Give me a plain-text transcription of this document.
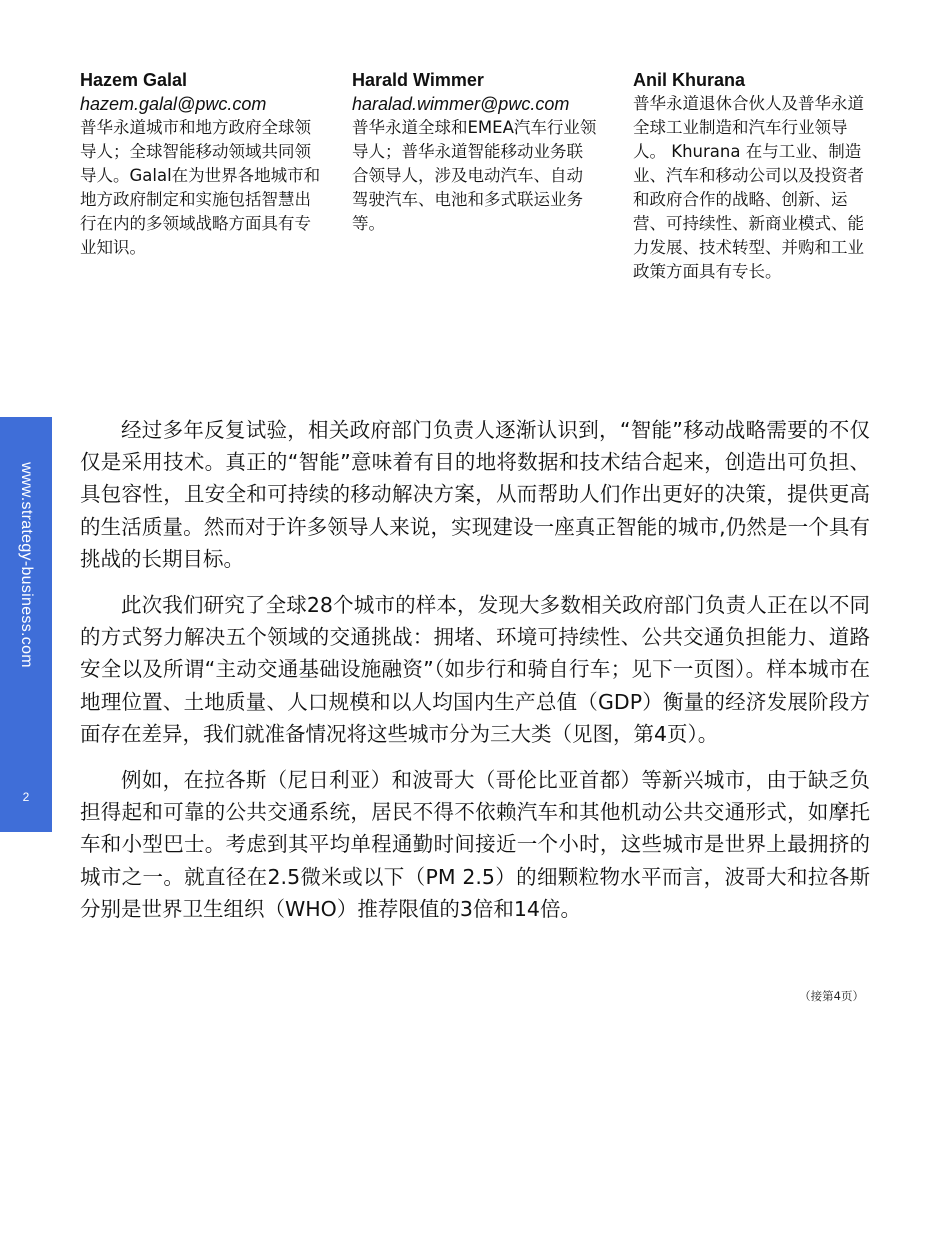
Hazem Galal

hazem.galal@pwc.com

普华永道城市和地方政府全球领导人；全球智能移动领域共同领导人。Galal在为世界各地城市和地方政府制定和实施包括智慧出行在内的多领域战略方面具有专业知识。

Harald Wimmer

haralad.wimmer@pwc.com

普华永道全球和EMEA汽车行业领导人；普华永道智能移动业务联合领导人，涉及电动汽车、自动驾驶汽车、电池和多式联运业务等。

Anil Khurana

普华永道退休合伙人及普华永道全球工业制造和汽车行业领导人。 Khurana 在与工业、制造业、汽车和移动公司以及投资者和政府合作的战略、创新、运营、可持续性、新商业模式、能力发展、技术转型、并购和工业政策方面具有专长。

www.strategy-business.com
2

经过多年反复试验，相关政府部门负责人逐渐认识到，“智能”移动战略需要的不仅仅是采用技术。真正的“智能”意味着有目的地将数据和技术结合起来，创造出可负担、具包容性，且安全和可持续的移动解决方案，从而帮助人们作出更好的决策，提供更高的生活质量。然而对于许多领导人来说，实现建设一座真正智能的城市,仍然是一个具有挑战的长期目标。

此次我们研究了全球28个城市的样本，发现大多数相关政府部门负责人正在以不同的方式努力解决五个领域的交通挑战：拥堵、环境可持续性、公共交通负担能力、道路安全以及所谓“主动交通基础设施融资”（如步行和骑自行车；见下一页图）。样本城市在地理位置、土地质量、人口规模和以人均国内生产总值（GDP）衡量的经济发展阶段方面存在差异，我们就准备情况将这些城市分为三大类（见图，第4页）。

例如，在拉各斯（尼日利亚）和波哥大（哥伦比亚首都）等新兴城市，由于缺乏负担得起和可靠的公共交通系统，居民不得不依赖汽车和其他机动公共交通形式，如摩托车和小型巴士。考虑到其平均单程通勤时间接近一个小时，这些城市是世界上最拥挤的城市之一。就直径在2.5微米或以下（PM 2.5）的细颗粒物水平而言，波哥大和拉各斯分别是世界卫生组织（WHO）推荐限值的3倍和14倍。

（接第4页）
